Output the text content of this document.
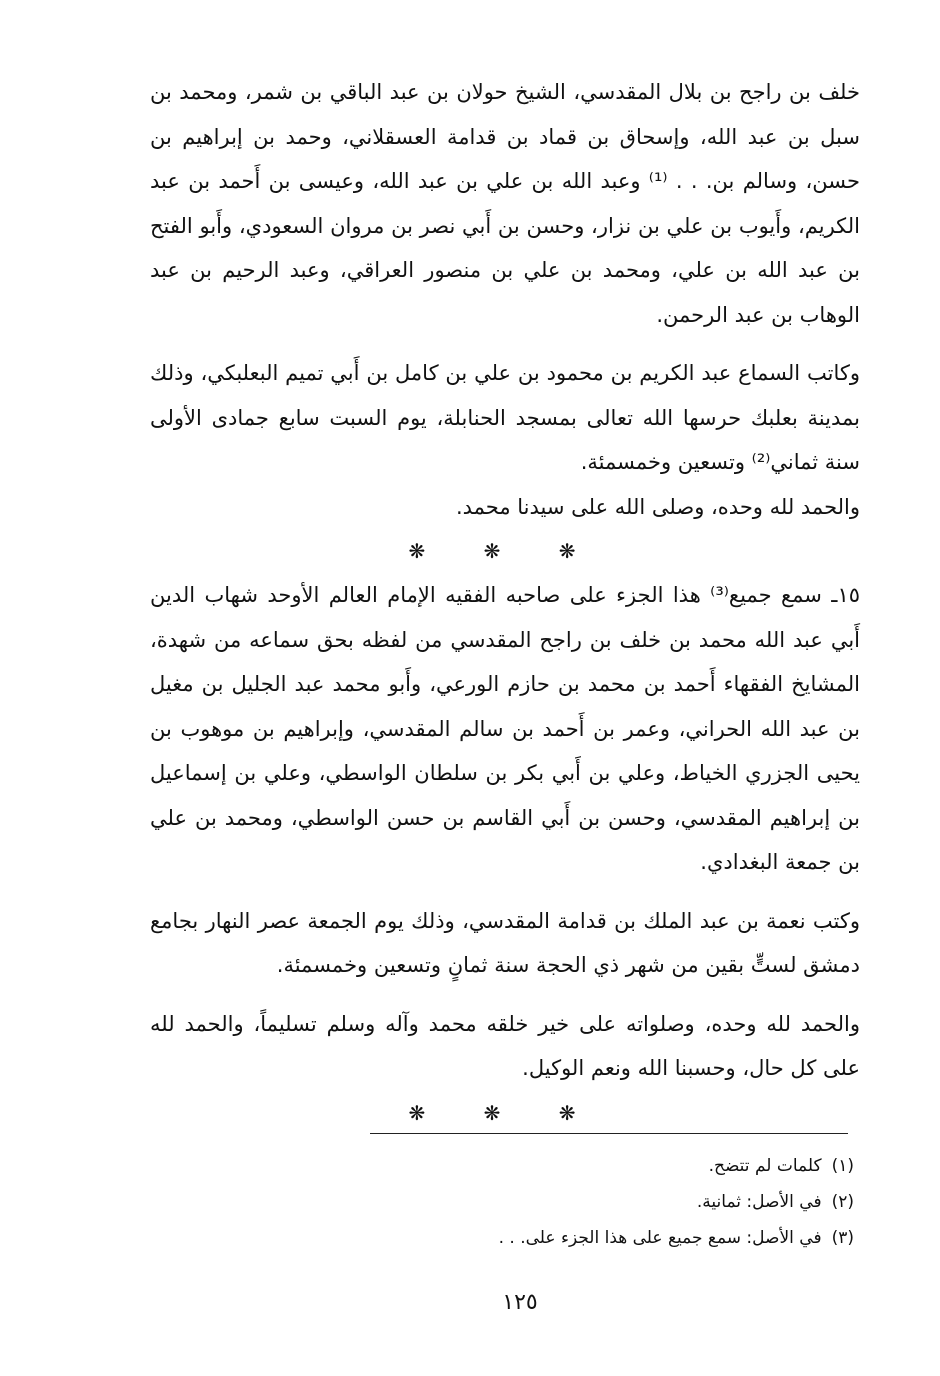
خلف بن راجح بن بلال المقدسي، الشيخ حولان بن عبد الباقي بن شمر، ومحمد بن سبل بن عبد الله، وإسحاق بن قماد بن قدامة العسقلاني، وحمد بن إبراهيم بن حسن، وسالم بن. . . ⁽¹⁾ وعبد الله بن علي بن عبد الله، وعيسى بن أَحمد بن عبد الكريم، وأَيوب بن علي بن نزار، وحسن بن أَبي نصر بن مروان السعودي، وأَبو الفتح بن عبد الله بن علي، ومحمد بن علي بن منصور العراقي، وعبد الرحيم بن عبد الوهاب بن عبد الرحمن.

وكاتب السماع عبد الكريم بن محمود بن علي بن كامل بن أَبي تميم البعلبكي، وذلك بمدينة بعلبك حرسها الله تعالى بمسجد الحنابلة، يوم السبت سابع جمادى الأولى سنة ثماني⁽²⁾ وتسعين وخمسمئة.

والحمد لله وحده، وصلى الله على سيدنا محمد.

❋ ❋ ❋

١٥ـ سمع جميع⁽³⁾ هذا الجزء على صاحبه الفقيه الإمام العالم الأوحد شهاب الدين أَبي عبد الله محمد بن خلف بن راجح المقدسي من لفظه بحق سماعه من شهدة، المشايخ الفقهاء أَحمد بن محمد بن حازم الورعي، وأَبو محمد عبد الجليل بن مغيل بن عبد الله الحراني، وعمر بن أَحمد بن سالم المقدسي، وإبراهيم بن موهوب بن يحيى الجزري الخياط، وعلي بن أَبي بكر بن سلطان الواسطي، وعلي بن إسماعيل بن إبراهيم المقدسي، وحسن بن أَبي القاسم بن حسن الواسطي، ومحمد بن علي بن جمعة البغدادي.

وكتب نعمة بن عبد الملك بن قدامة المقدسي، وذلك يوم الجمعة عصر النهار بجامع دمشق لستٍّ بقين من شهر ذي الحجة سنة ثمانٍ وتسعين وخمسمئة.

والحمد لله وحده، وصلواته على خير خلقه محمد وآله وسلم تسليماً، والحمد لله على كل حال، وحسبنا الله ونعم الوكيل.

❋ ❋ ❋

(١)
كلمات لم تتضح.
(٢)
في الأصل: ثمانية.
(٣)
في الأصل: سمع جميع على هذا الجزء على. . .
١٢٥
